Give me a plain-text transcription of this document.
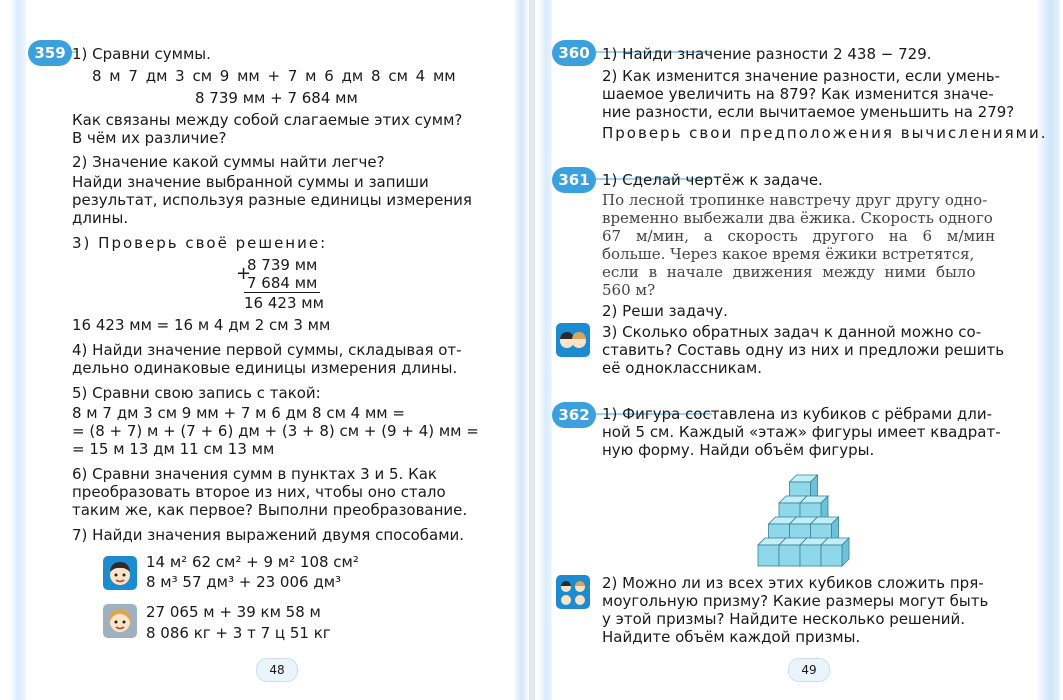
359 1) Сравни суммы.
8 м 7 дм 3 см 9 мм + 7 м 6 дм 8 см 4 мм
8 739 мм + 7 684 мм
Как связаны между собой слагаемые этих сумм?
В чём их различие?
2) Значение какой суммы найти легче?
Найди значение выбранной суммы и запиши
результат, используя разные единицы измерения
длины.
3) Проверь своё решение:
8 739 мм
+
7 684 мм
16 423 мм
16 423 мм = 16 м 4 дм 2 см 3 мм
4) Найди значение первой суммы, складывая от-
дельно одинаковые единицы измерения длины.
5) Сравни свою запись с такой:
8 м 7 дм 3 см 9 мм + 7 м 6 дм 8 см 4 мм =
= (8 + 7) м + (7 + 6) дм + (3 + 8) см + (9 + 4) мм =
= 15 м 13 дм 11 см 13 мм
6) Сравни значения сумм в пунктах 3 и 5. Как
преобразовать второе из них, чтобы оно стало
таким же, как первое? Выполни преобразование.
7) Найди значения выражений двумя способами.
14 м² 62 см² + 9 м² 108 см²
8 м³ 57 дм³ + 23 006 дм³
27 065 м + 39 км 58 м
8 086 кг + 3 т 7 ц 51 кг
48
360 1) Найди значение разности 2 438 − 729.
2) Как изменится значение разности, если умень-
шаемое увеличить на 879? Как изменится значе-
ние разности, если вычитаемое уменьшить на 279?
Проверь свои предположения вычислениями.
361 1) Сделай чертёж к задаче.
По лесной тропинке навстречу друг другу одно-
временно выбежали два ёжика. Скорость одного
67 м/мин, а скорость другого на 6 м/мин
больше. Через какое время ёжики встретятся,
если в начале движения между ними было
560 м?
2) Реши задачу.
3) Сколько обратных задач к данной можно со-
ставить? Составь одну из них и предложи решить
её одноклассникам.
362 1) Фигура составлена из кубиков с рёбрами дли-
ной 5 см. Каждый «этаж» фигуры имеет квадрат-
ную форму. Найди объём фигуры.
2) Можно ли из всех этих кубиков сложить пря-
моугольную призму? Какие размеры могут быть
у этой призмы? Найдите несколько решений.
Найдите объём каждой призмы.
49
